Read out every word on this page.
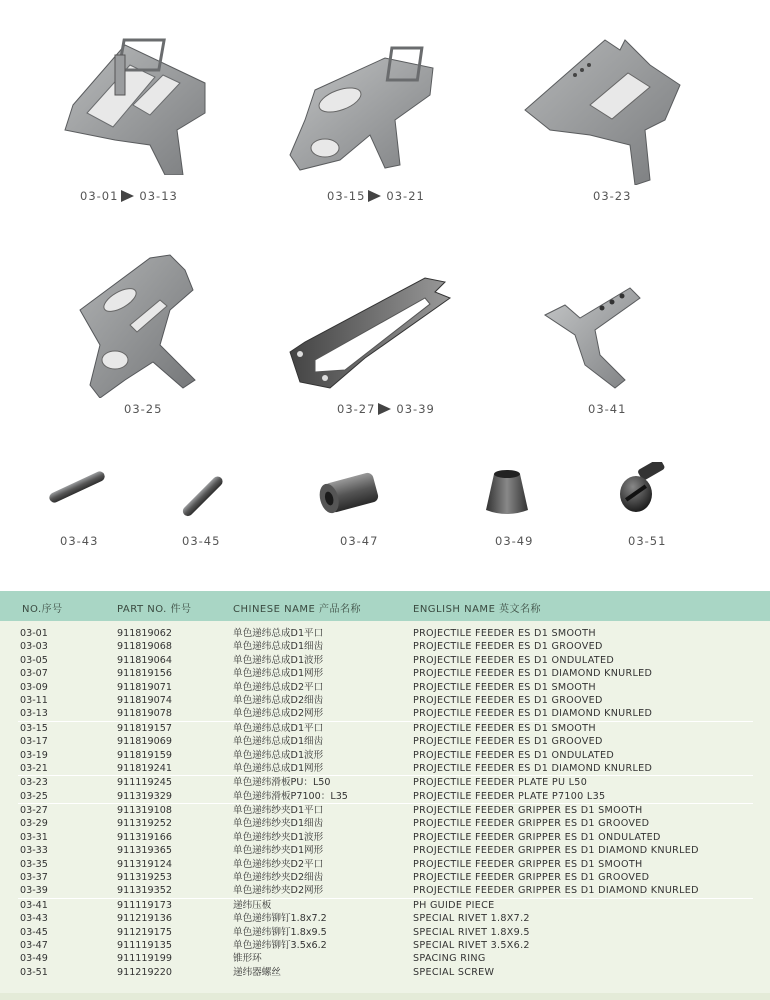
03-01 03-13	03-15 03-21	03-23
03-25	03-27 03-39	03-41
03-43	03-45	03-47	03-49	03-51
NO.序号	PART NO. 件号	CHINESE NAME 产品名称	ENGLISH NAME 英文名称
03-01	911819062	单色递纬总成D1平口	PROJECTILE FEEDER ES D1 SMOOTH
03-03	911819068	单色递纬总成D1细齿	PROJECTILE FEEDER ES D1 GROOVED
03-05	911819064	单色递纬总成D1波形	PROJECTILE FEEDER ES D1 ONDULATED
03-07	911819156	单色递纬总成D1网形	PROJECTILE FEEDER ES D1 DIAMOND KNURLED
03-09	911819071	单色递纬总成D2平口	PROJECTILE FEEDER ES D1 SMOOTH
03-11	911819074	单色递纬总成D2细齿	PROJECTILE FEEDER ES D1 GROOVED
03-13	911819078	单色递纬总成D2网形	PROJECTILE FEEDER ES D1 DIAMOND KNURLED
03-15	911819157	单色递纬总成D1平口	PROJECTILE FEEDER ES D1 SMOOTH
03-17	911819069	单色递纬总成D1细齿	PROJECTILE FEEDER ES D1 GROOVED
03-19	911819159	单色递纬总成D1波形	PROJECTILE FEEDER ES D1 ONDULATED
03-21	911819241	单色递纬总成D1网形	PROJECTILE FEEDER ES D1 DIAMOND KNURLED
03-23	911119245	单色递纬滑板PU：L50	PROJECTILE FEEDER PLATE PU L50
03-25	911319329	单色递纬滑板P7100：L35	PROJECTILE FEEDER PLATE P7100 L35
03-27	911319108	单色递纬纱夹D1平口	PROJECTILE FEEDER GRIPPER ES D1 SMOOTH
03-29	911319252	单色递纬纱夹D1细齿	PROJECTILE FEEDER GRIPPER ES D1 GROOVED
03-31	911319166	单色递纬纱夹D1波形	PROJECTILE FEEDER GRIPPER ES D1 ONDULATED
03-33	911319365	单色递纬纱夹D1网形	PROJECTILE FEEDER GRIPPER ES D1 DIAMOND KNURLED
03-35	911319124	单色递纬纱夹D2平口	PROJECTILE FEEDER GRIPPER ES D1 SMOOTH
03-37	911319253	单色递纬纱夹D2细齿	PROJECTILE FEEDER GRIPPER ES D1 GROOVED
03-39	911319352	单色递纬纱夹D2网形	PROJECTILE FEEDER GRIPPER ES D1 DIAMOND KNURLED
03-41	911119173	递纬压板	PH GUIDE PIECE
03-43	911219136	单色递纬铆钉1.8x7.2	SPECIAL RIVET 1.8X7.2
03-45	911219175	单色递纬铆钉1.8x9.5	SPECIAL RIVET 1.8X9.5
03-47	911119135	单色递纬铆钉3.5x6.2	SPECIAL RIVET 3.5X6.2
03-49	911119199	锥形环	SPACING RING
03-51	911219220	递纬器螺丝	SPECIAL SCREW
